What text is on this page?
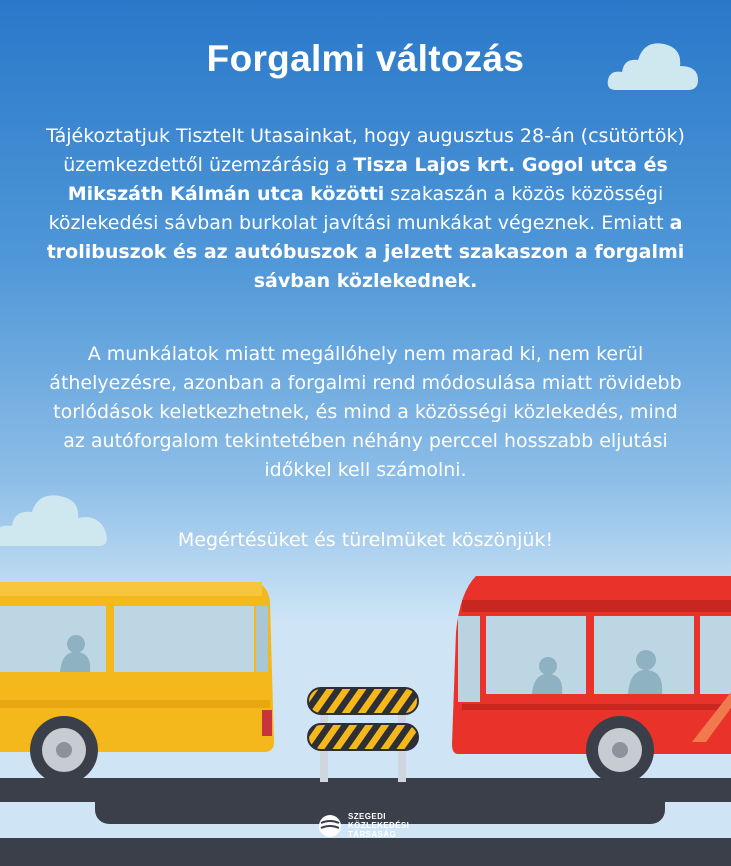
Forgalmi változás
Tájékoztatjuk Tisztelt Utasainkat, hogy augusztus 28-án (csütörtök) üzemkezdettől üzemzárásig a Tisza Lajos krt. Gogol utca és Mikszáth Kálmán utca közötti szakaszán a közös közösségi közlekedési sávban burkolat javítási munkákat végeznek. Emiatt a trolibuszok és az autóbuszok a jelzett szakaszon a forgalmi sávban közlekednek.
A munkálatok miatt megállóhely nem marad ki, nem kerül áthelyezésre, azonban a forgalmi rend módosulása miatt rövidebb torlódások keletkezhetnek, és mind a közösségi közlekedés, mind az autóforgalom tekintetében néhány perccel hosszabb eljutási időkkel kell számolni.
Megértésüket és türelmüket köszönjük!
SZEGEDI
KÖZLEKEDÉSI
TÁRSASÁG
